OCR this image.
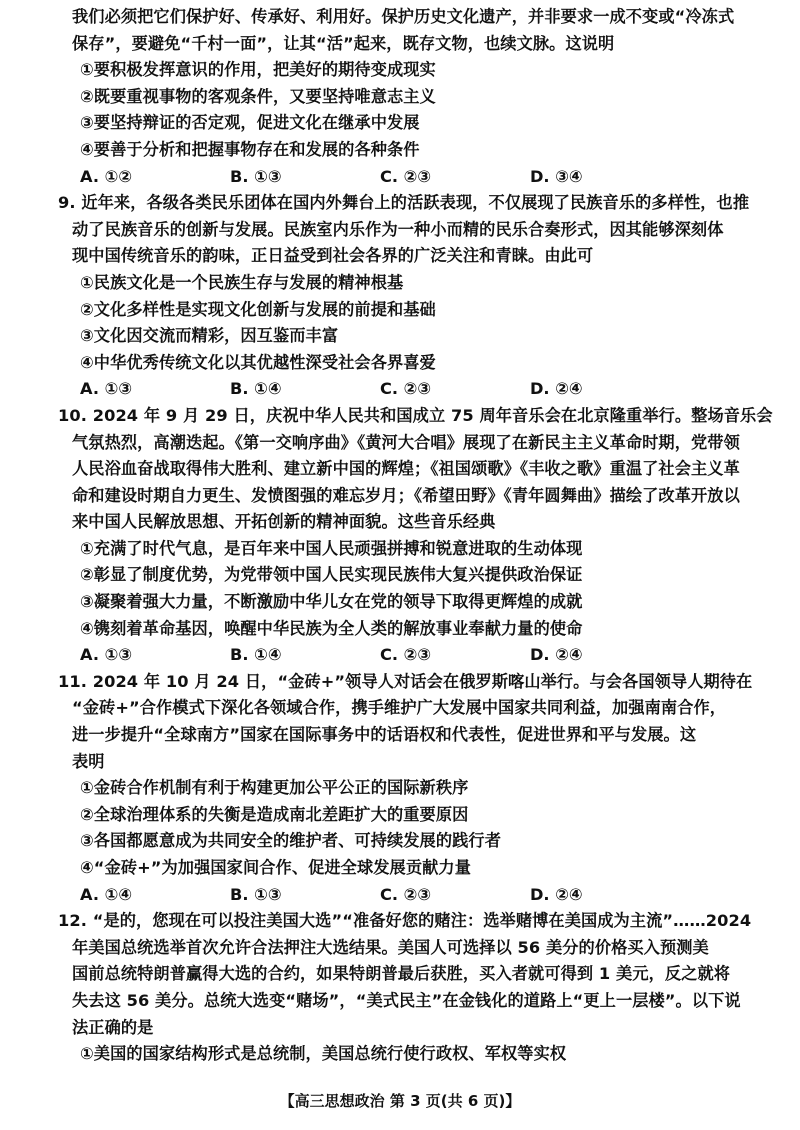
我们必须把它们保护好、传承好、利用好。保护历史文化遗产，并非要求一成不变或“冷冻式
保存”，要避免“千村一面”，让其“活”起来，既存文物，也续文脉。这说明
①要积极发挥意识的作用，把美好的期待变成现实
②既要重视事物的客观条件，又要坚持唯意志主义
③要坚持辩证的否定观，促进文化在继承中发展
④要善于分析和把握事物存在和发展的各种条件
A. ①②	B. ①③	C. ②③	D. ③④
9. 近年来，各级各类民乐团体在国内外舞台上的活跃表现，不仅展现了民族音乐的多样性，也推
动了民族音乐的创新与发展。民族室内乐作为一种小而精的民乐合奏形式，因其能够深刻体
现中国传统音乐的韵味，正日益受到社会各界的广泛关注和青睐。由此可
①民族文化是一个民族生存与发展的精神根基
②文化多样性是实现文化创新与发展的前提和基础
③文化因交流而精彩，因互鉴而丰富
④中华优秀传统文化以其优越性深受社会各界喜爱
A. ①③	B. ①④	C. ②③	D. ②④
10. 2024 年 9 月 29 日，庆祝中华人民共和国成立 75 周年音乐会在北京隆重举行。整场音乐会
气氛热烈，高潮迭起。《第一交响序曲》《黄河大合唱》展现了在新民主主义革命时期，党带领
人民浴血奋战取得伟大胜利、建立新中国的辉煌；《祖国颂歌》《丰收之歌》重温了社会主义革
命和建设时期自力更生、发愤图强的难忘岁月；《希望田野》《青年圆舞曲》描绘了改革开放以
来中国人民解放思想、开拓创新的精神面貌。这些音乐经典
①充满了时代气息，是百年来中国人民顽强拼搏和锐意进取的生动体现
②彰显了制度优势，为党带领中国人民实现民族伟大复兴提供政治保证
③凝聚着强大力量，不断激励中华儿女在党的领导下取得更辉煌的成就
④镌刻着革命基因，唤醒中华民族为全人类的解放事业奉献力量的使命
A. ①③	B. ①④	C. ②③	D. ②④
11. 2024 年 10 月 24 日，“金砖+”领导人对话会在俄罗斯喀山举行。与会各国领导人期待在
“金砖+”合作模式下深化各领域合作，携手维护广大发展中国家共同利益，加强南南合作，
进一步提升“全球南方”国家在国际事务中的话语权和代表性，促进世界和平与发展。这
表明
①金砖合作机制有利于构建更加公平公正的国际新秩序
②全球治理体系的失衡是造成南北差距扩大的重要原因
③各国都愿意成为共同安全的维护者、可持续发展的践行者
④“金砖+”为加强国家间合作、促进全球发展贡献力量
A. ①④	B. ①③	C. ②③	D. ②④
12. “是的，您现在可以投注美国大选”“准备好您的赌注：选举赌博在美国成为主流”……2024
年美国总统选举首次允许合法押注大选结果。美国人可选择以 56 美分的价格买入预测美
国前总统特朗普赢得大选的合约，如果特朗普最后获胜，买入者就可得到 1 美元，反之就将
失去这 56 美分。总统大选变“赌场”，“美式民主”在金钱化的道路上“更上一层楼”。以下说
法正确的是
①美国的国家结构形式是总统制，美国总统行使行政权、军权等实权
【高三思想政治 第 3 页(共 6 页)】
